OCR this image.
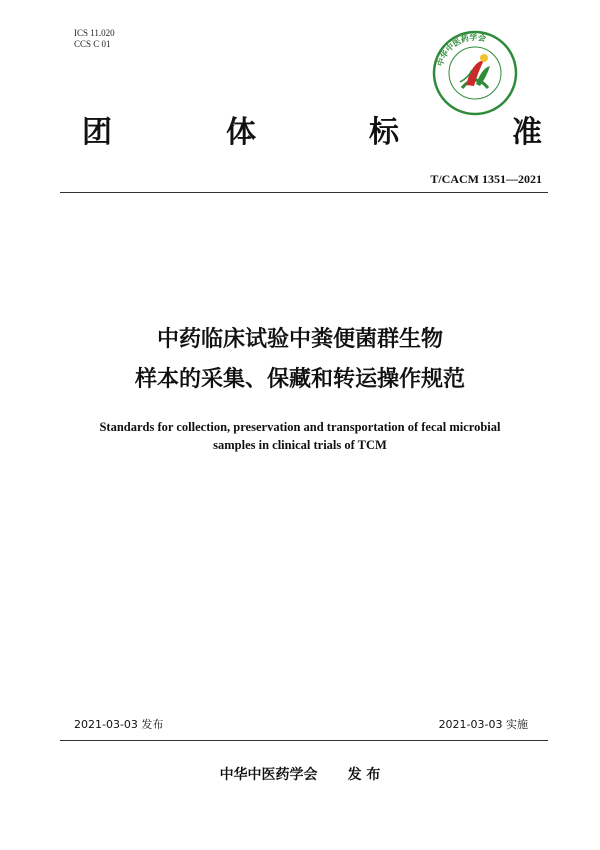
ICS 11.020
CCS C 01
中华中医药学会
团	体	标	准
T/CACM 1351—2021
中药临床试验中粪便菌群生物
样本的采集、保藏和转运操作规范
Standards for collection, preservation and transportation of fecal microbial
samples in clinical trials of TCM
2021-03-03 发布	2021-03-03 实施
中华中医药学会 发 布
